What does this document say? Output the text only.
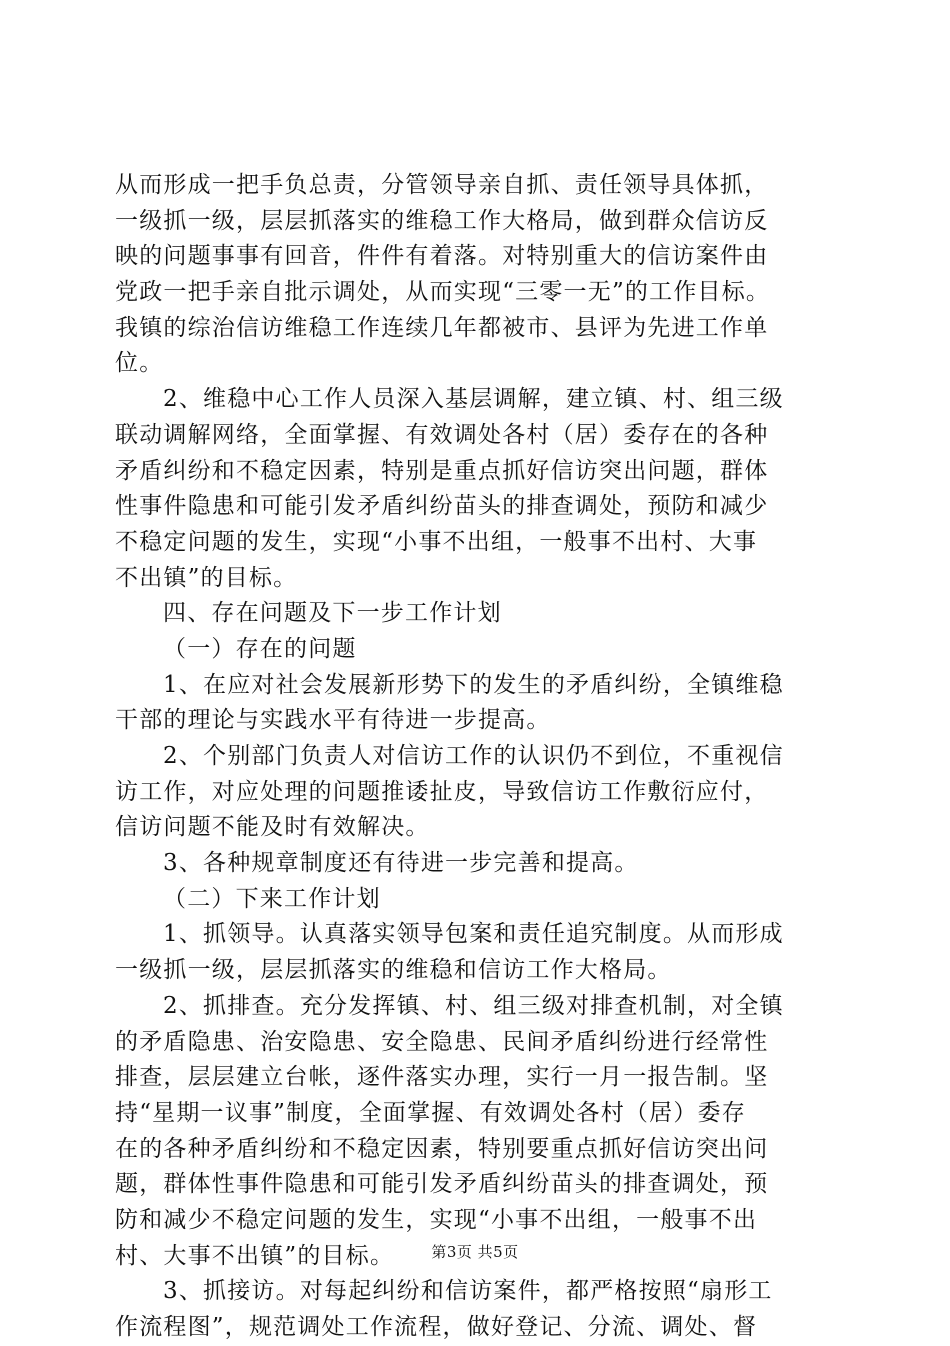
从而形成一把手负总责，分管领导亲自抓、责任领导具体抓，
一级抓一级，层层抓落实的维稳工作大格局，做到群众信访反
映的问题事事有回音，件件有着落。对特别重大的信访案件由
党政一把手亲自批示调处，从而实现“三零一无”的工作目标。
我镇的综治信访维稳工作连续几年都被市、县评为先进工作单
位。
2、维稳中心工作人员深入基层调解，建立镇、村、组三级
联动调解网络，全面掌握、有效调处各村（居）委存在的各种
矛盾纠纷和不稳定因素，特别是重点抓好信访突出问题，群体
性事件隐患和可能引发矛盾纠纷苗头的排查调处，预防和减少
不稳定问题的发生，实现“小事不出组，一般事不出村、大事
不出镇”的目标。
四、存在问题及下一步工作计划
（一）存在的问题
1、在应对社会发展新形势下的发生的矛盾纠纷，全镇维稳
干部的理论与实践水平有待进一步提高。
2、个别部门负责人对信访工作的认识仍不到位，不重视信
访工作，对应处理的问题推诿扯皮，导致信访工作敷衍应付，
信访问题不能及时有效解决。
3、各种规章制度还有待进一步完善和提高。
（二）下来工作计划
1、抓领导。认真落实领导包案和责任追究制度。从而形成
一级抓一级，层层抓落实的维稳和信访工作大格局。
2、抓排查。充分发挥镇、村、组三级对排查机制，对全镇
的矛盾隐患、治安隐患、安全隐患、民间矛盾纠纷进行经常性
排查，层层建立台帐，逐件落实办理，实行一月一报告制。坚
持“星期一议事”制度，全面掌握、有效调处各村（居）委存
在的各种矛盾纠纷和不稳定因素，特别要重点抓好信访突出问
题，群体性事件隐患和可能引发矛盾纠纷苗头的排查调处，预
防和减少不稳定问题的发生，实现“小事不出组，一般事不出
村、大事不出镇”的目标。
3、抓接访。对每起纠纷和信访案件，都严格按照“扇形工
作流程图”，规范调处工作流程，做好登记、分流、调处、督
第3页 共5页
